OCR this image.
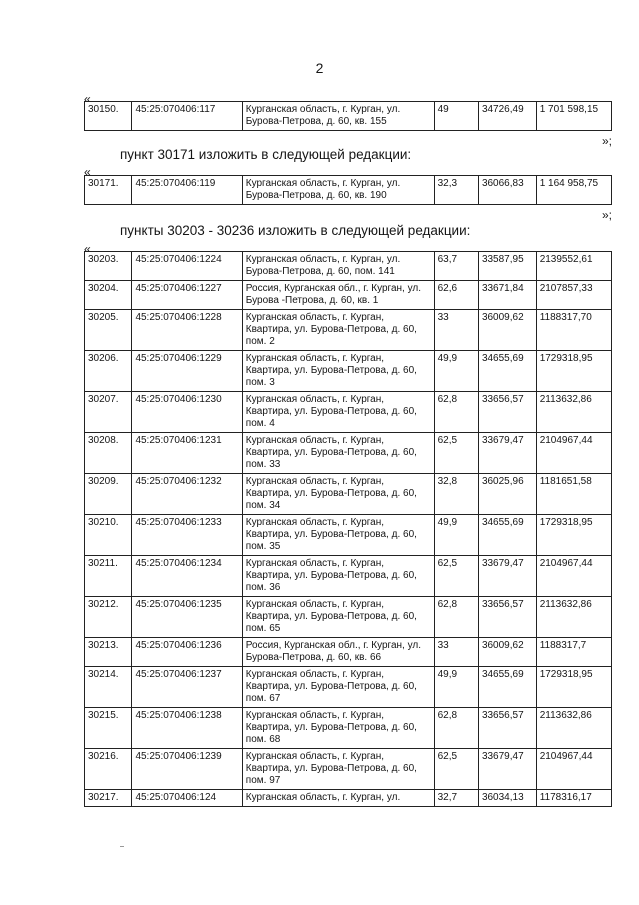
2
«
30150.	45:25:070406:117	Курганская область, г. Курган, ул. Бурова-Петрова, д. 60, кв. 155	49	34726,49	1 701 598,15
»;
пункт 30171 изложить в следующей редакции:
«
30171.	45:25:070406:119	Курганская область, г. Курган, ул. Бурова-Петрова, д. 60, кв. 190	32,3	36066,83	1 164 958,75
»;
пункты 30203 - 30236 изложить в следующей редакции:
«
30203.	45:25:070406:1224	Курганская область, г. Курган, ул. Бурова-Петрова, д. 60, пом. 141	63,7	33587,95	2139552,61
30204.	45:25:070406:1227	Россия, Курганская обл., г. Курган, ул. Бурова -Петрова, д. 60, кв. 1	62,6	33671,84	2107857,33
30205.	45:25:070406:1228	Курганская область, г. Курган, Квартира, ул. Бурова-Петрова, д. 60, пом. 2	33	36009,62	1188317,70
30206.	45:25:070406:1229	Курганская область, г. Курган, Квартира, ул. Бурова-Петрова, д. 60, пом. 3	49,9	34655,69	1729318,95
30207.	45:25:070406:1230	Курганская область, г. Курган, Квартира, ул. Бурова-Петрова, д. 60, пом. 4	62,8	33656,57	2113632,86
30208.	45:25:070406:1231	Курганская область, г. Курган, Квартира, ул. Бурова-Петрова, д. 60, пом. 33	62,5	33679,47	2104967,44
30209.	45:25:070406:1232	Курганская область, г. Курган, Квартира, ул. Бурова-Петрова, д. 60, пом. 34	32,8	36025,96	1181651,58
30210.	45:25:070406:1233	Курганская область, г. Курган, Квартира, ул. Бурова-Петрова, д. 60, пом. 35	49,9	34655,69	1729318,95
30211.	45:25:070406:1234	Курганская область, г. Курган, Квартира, ул. Бурова-Петрова, д. 60, пом. 36	62,5	33679,47	2104967,44
30212.	45:25:070406:1235	Курганская область, г. Курган, Квартира, ул. Бурова-Петрова, д. 60, пом. 65	62,8	33656,57	2113632,86
30213.	45:25:070406:1236	Россия, Курганская обл., г. Курган, ул. Бурова-Петрова, д. 60, кв. 66	33	36009,62	1188317,7
30214.	45:25:070406:1237	Курганская область, г. Курган, Квартира, ул. Бурова-Петрова, д. 60, пом. 67	49,9	34655,69	1729318,95
30215.	45:25:070406:1238	Курганская область, г. Курган, Квартира, ул. Бурова-Петрова, д. 60, пом. 68	62,8	33656,57	2113632,86
30216.	45:25:070406:1239	Курганская область, г. Курган, Квартира, ул. Бурова-Петрова, д. 60, пом. 97	62,5	33679,47	2104967,44
30217.	45:25:070406:124	Курганская область, г. Курган, ул.	32,7	36034,13	1178316,17
